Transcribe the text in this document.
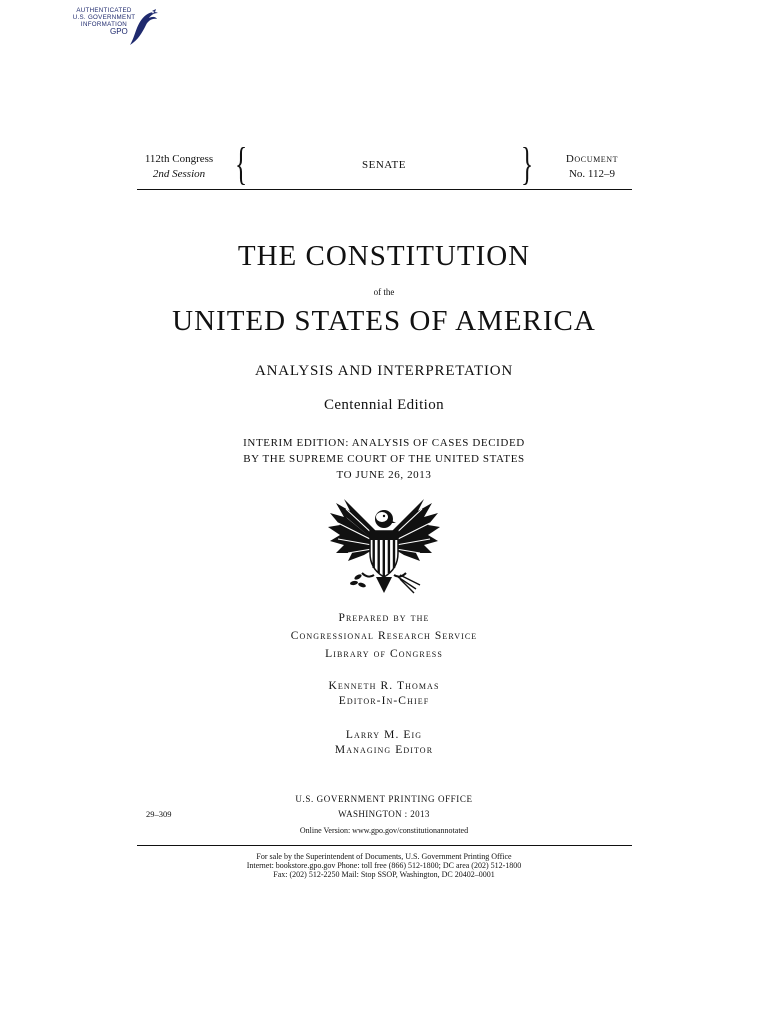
AUTHENTICATED
U.S. GOVERNMENT
INFORMATION
GPO
112th Congress
2nd Session {	SENATE	}	Document
No. 112–9
THE CONSTITUTION
of the
UNITED STATES OF AMERICA
ANALYSIS AND INTERPRETATION
Centennial Edition
INTERIM EDITION: ANALYSIS OF CASES DECIDED
BY THE SUPREME COURT OF THE UNITED STATES
TO JUNE 26, 2013
Prepared by the
Congressional Research Service
Library of Congress
Kenneth R. Thomas
Editor-In-Chief
Larry M. Eig
Managing Editor
29–309
U.S. GOVERNMENT PRINTING OFFICE
WASHINGTON : 2013
Online Version: www.gpo.gov/constitutionannotated
For sale by the Superintendent of Documents, U.S. Government Printing Office
Internet: bookstore.gpo.gov Phone: toll free (866) 512-1800; DC area (202) 512-1800
Fax: (202) 512-2250 Mail: Stop SSOP, Washington, DC 20402–0001
